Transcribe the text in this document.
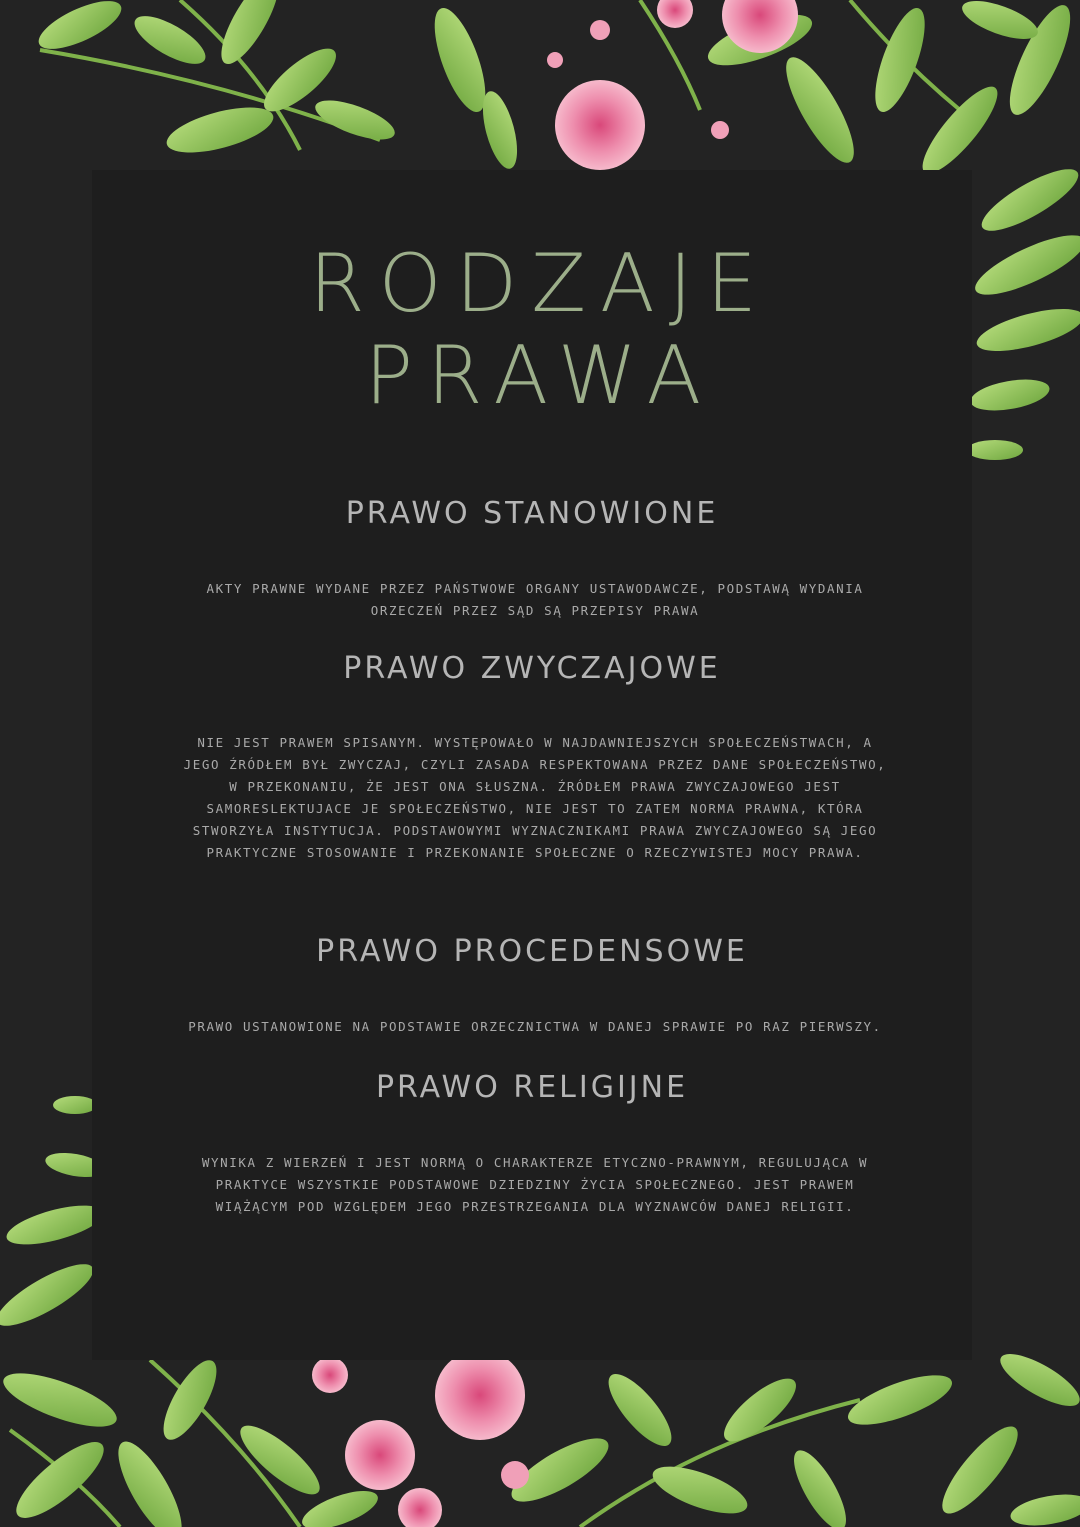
RODZAJE
PRAWA
PRAWO STANOWIONE
AKTY PRAWNE WYDANE PRZEZ PAŃSTWOWE ORGANY USTAWODAWCZE, PODSTAWĄ WYDANIA ORZECZEŃ PRZEZ SĄD SĄ PRZEPISY PRAWA
PRAWO ZWYCZAJOWE
NIE JEST PRAWEM SPISANYM. WYSTĘPOWAŁO W NAJDAWNIEJSZYCH SPOŁECZEŃSTWACH, A JEGO ŹRÓDŁEM BYŁ ZWYCZAJ, CZYLI ZASADA RESPEKTOWANA PRZEZ DANE SPOŁECZEŃSTWO, W PRZEKONANIU, ŻE JEST ONA SŁUSZNA. ŹRÓDŁEM PRAWA ZWYCZAJOWEGO JEST SAMORESLEKTUJACE JE SPOŁECZEŃSTWO, NIE JEST TO ZATEM NORMA PRAWNA, KTÓRA STWORZYŁA INSTYTUCJA. PODSTAWOWYMI WYZNACZNIKAMI PRAWA ZWYCZAJOWEGO SĄ JEGO PRAKTYCZNE STOSOWANIE I PRZEKONANIE SPOŁECZNE O RZECZYWISTEJ MOCY PRAWA.
PRAWO PROCEDENSOWE
PRAWO USTANOWIONE NA PODSTAWIE ORZECZNICTWA W DANEJ SPRAWIE PO RAZ PIERWSZY.
PRAWO RELIGIJNE
WYNIKA Z WIERZEŃ I JEST NORMĄ O CHARAKTERZE ETYCZNO-PRAWNYM, REGULUJĄCA W PRAKTYCE WSZYSTKIE PODSTAWOWE DZIEDZINY ŻYCIA SPOŁECZNEGO. JEST PRAWEM WIĄŻĄCYM POD WZGLĘDEM JEGO PRZESTRZEGANIA DLA WYZNAWCÓW DANEJ RELIGII.
